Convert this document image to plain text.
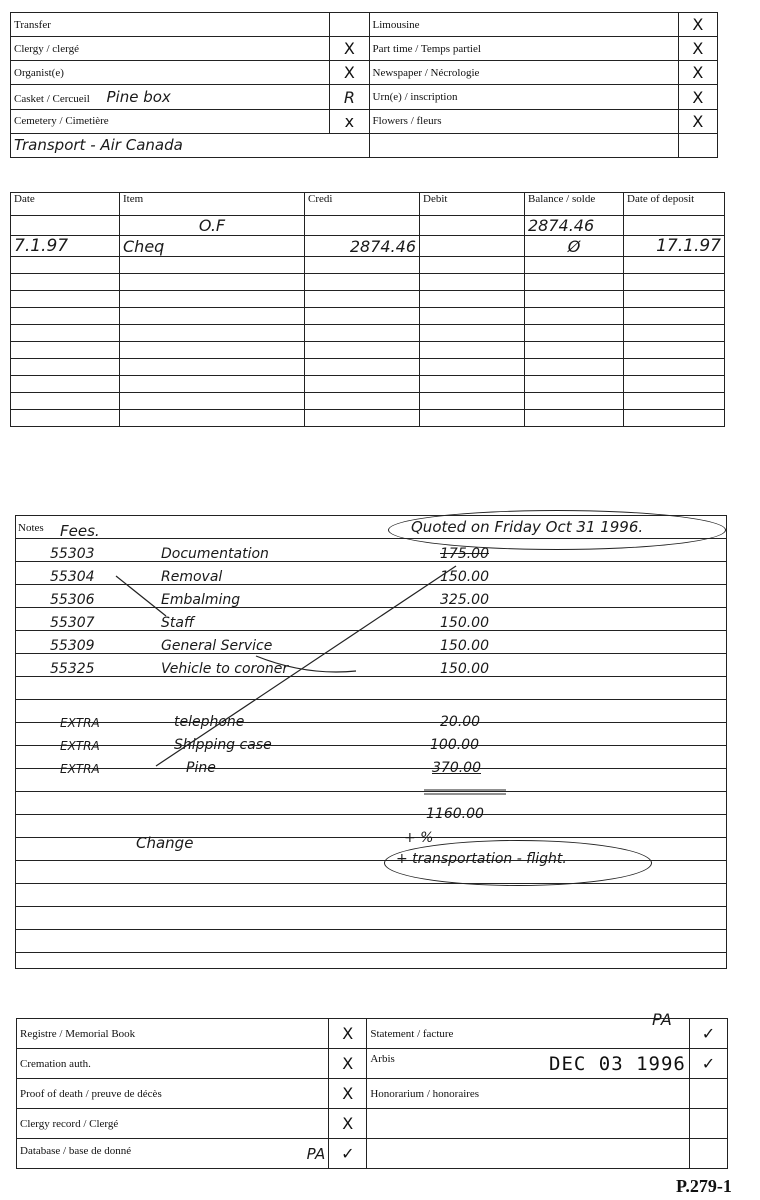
Transfer		Limousine	X
Clergy / clergé	X	Part time / Temps partiel	X
Organist(e)	X	Newspaper / Nécrologie	X
Casket / Cercueil Pine box	R	Urn(e) / inscription	X
Cemetery / Cimetière	x	Flowers / fleurs	X
Transport - Air Canada			
Date	Item	Credi	Debit	Balance / solde	Date of deposit
	O.F			2874.46	
7.1.97	Cheq	2874.46		Ø	17.1.97

Notes Fees.	Quoted on Friday Oct 31 1996.
55303	Documentation	175.00
55304	Removal	150.00
55306	Embalming	325.00
55307	Staff	150.00
55309	General Service	150.00
55325	Vehicle to coroner	150.00
EXTRA	telephone	20.00
EXTRA	Shipping case	100.00
EXTRA	Pine	370.00
1160.00
Change	+ %
+ transportation - flight.
Registre / Memorial Book	X	Statement / facture	✓
Cremation auth.	X	Arbis DEC 03 1996	✓
Proof of death / preuve de décès	X	Honorarium / honoraires	
Clergy record / Clergé	X		
Database / base de donné PA	✓		
PA
P.279-1
